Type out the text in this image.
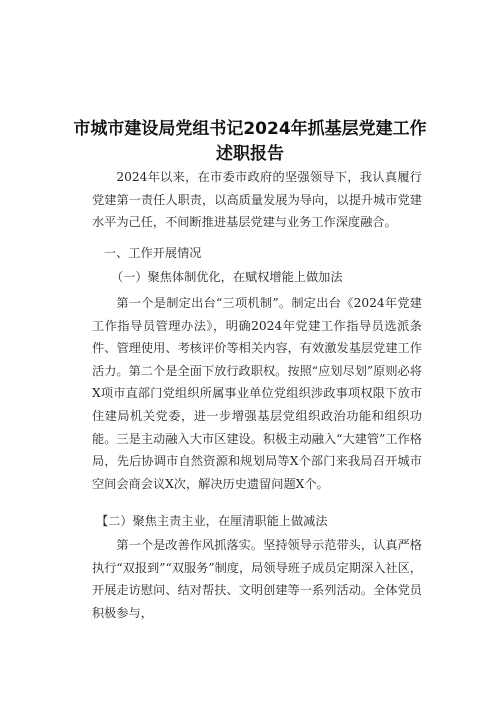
市城市建设局党组书记2024年抓基层党建工作
述职报告

2024年以来，在市委市政府的坚强领导下，我认真履行党建第一责任人职责，以高质量发展为导向，以提升城市党建水平为己任，不间断推进基层党建与业务工作深度融合。

一、工作开展情况

（一）聚焦体制优化，在赋权增能上做加法

第一个是制定出台“三项机制”。制定出台《2024年党建工作指导员管理办法》，明确2024年党建工作指导员选派条件、管理使用、考核评价等相关内容，有效激发基层党建工作活力。第二个是全面下放行政职权。按照“应划尽划”原则必将X项市直部门党组织所属事业单位党组织涉政事项权限下放市住建局机关党委，进一步增强基层党组织政治功能和组织功能。三是主动融入大市区建设。积极主动融入“大建管”工作格局，先后协调市自然资源和规划局等X个部门来我局召开城市空间会商会议X次，解决历史遗留问题X个。

【二）聚焦主责主业，在厘清职能上做减法

第一个是改善作风抓落实。坚持领导示范带头，认真严格执行“双报到”“双服务”制度，局领导班子成员定期深入社区，开展走访慰问、结对帮扶、文明创建等一系列活动。全体党员积极参与，
